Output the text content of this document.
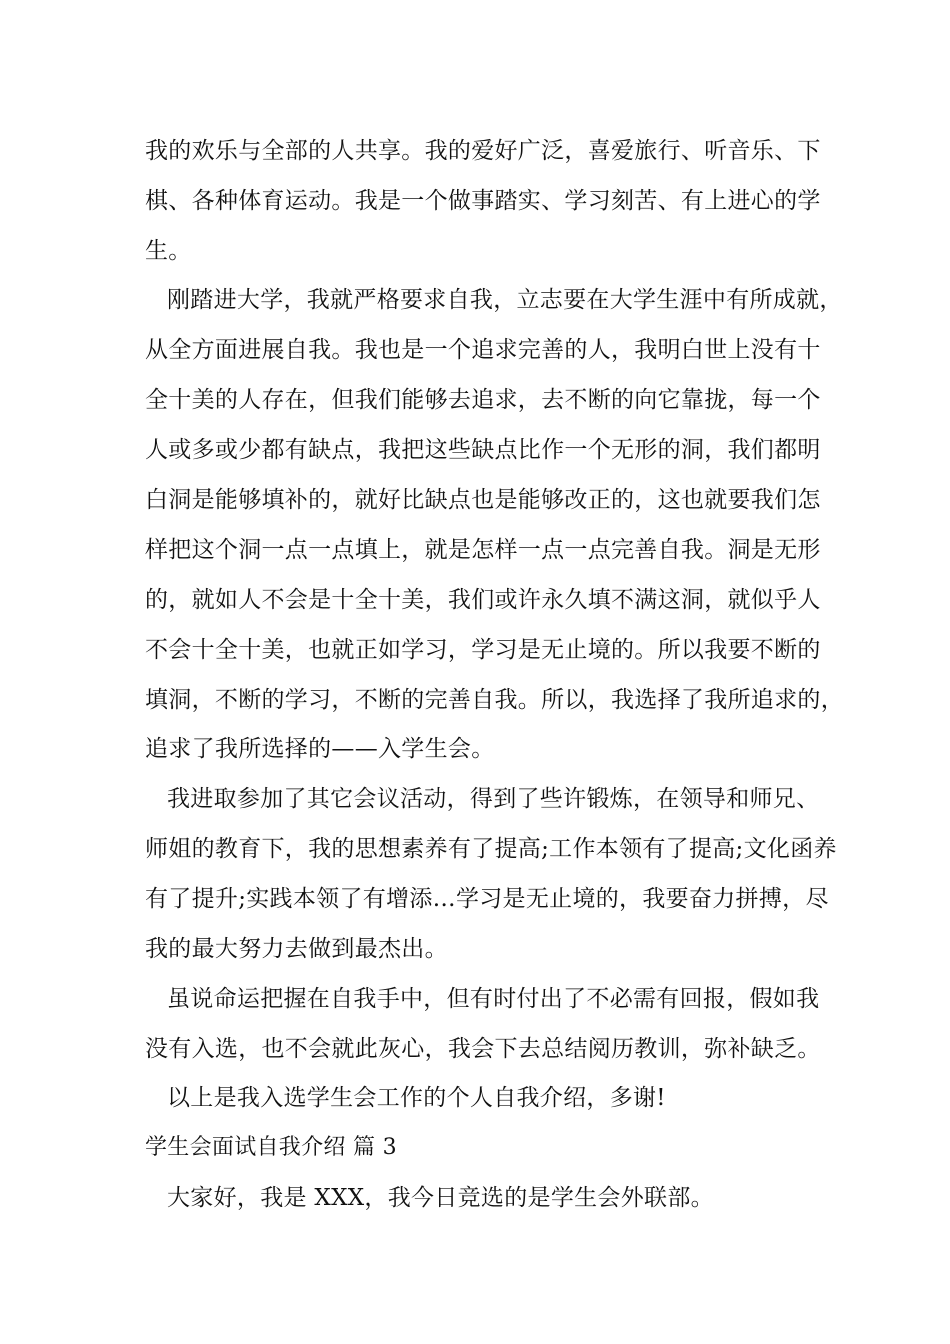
我的欢乐与全部的人共享。我的爱好广泛，喜爱旅行、听音乐、下
棋、各种体育运动。我是一个做事踏实、学习刻苦、有上进心的学
生。
刚踏进大学，我就严格要求自我，立志要在大学生涯中有所成就，
从全方面进展自我。我也是一个追求完善的人，我明白世上没有十
全十美的人存在，但我们能够去追求，去不断的向它靠拢，每一个
人或多或少都有缺点，我把这些缺点比作一个无形的洞，我们都明
白洞是能够填补的，就好比缺点也是能够改正的，这也就要我们怎
样把这个洞一点一点填上，就是怎样一点一点完善自我。洞是无形
的，就如人不会是十全十美，我们或许永久填不满这洞，就似乎人
不会十全十美，也就正如学习，学习是无止境的。所以我要不断的
填洞，不断的学习，不断的完善自我。所以，我选择了我所追求的，
追求了我所选择的——入学生会。
我进取参加了其它会议活动，得到了些许锻炼，在领导和师兄、
师姐的教育下，我的思想素养有了提高;工作本领有了提高;文化函养
有了提升;实践本领了有增添…学习是无止境的，我要奋力拼搏，尽
我的最大努力去做到最杰出。
虽说命运把握在自我手中，但有时付出了不必需有回报，假如我
没有入选，也不会就此灰心，我会下去总结阅历教训，弥补缺乏。
以上是我入选学生会工作的个人自我介绍，多谢!
学生会面试自我介绍 篇 3
大家好，我是 XXX，我今日竞选的是学生会外联部。
